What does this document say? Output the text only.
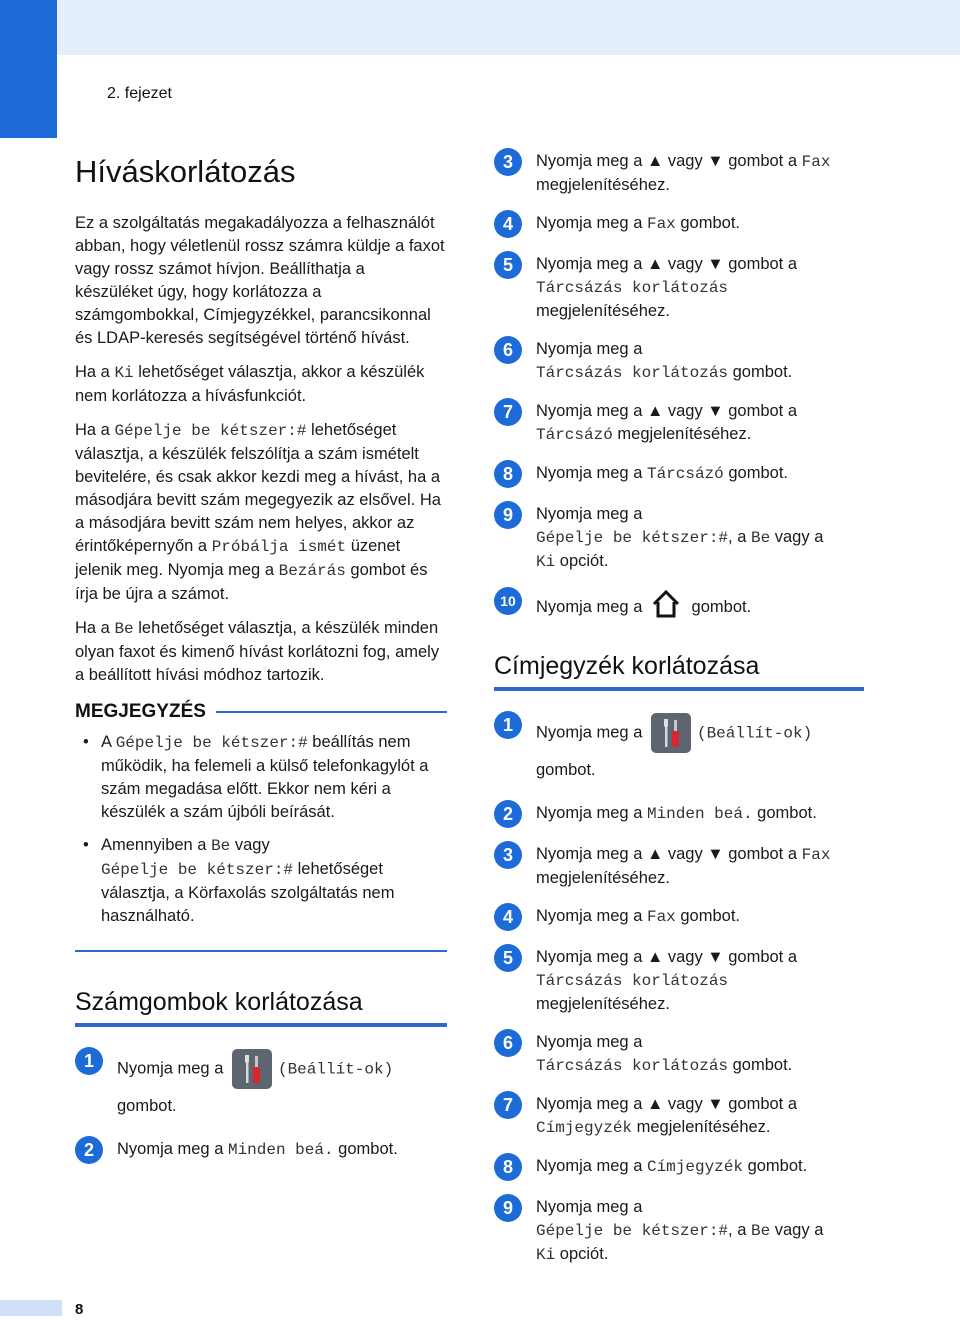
2. fejezet
Híváskorlátozás

Ez a szolgáltatás megakadályozza a felhasználót abban, hogy véletlenül rossz számra küldje a faxot vagy rossz számot hívjon. Beállíthatja a készüléket úgy, hogy korlátozza a számgombokkal, Címjegyzékkel, parancsikonnal és LDAP-keresés segítségével történő hívást.

Ha a Ki lehetőséget választja, akkor a készülék nem korlátozza a hívásfunkciót.

Ha a Gépelje be kétszer:# lehetőséget választja, a készülék felszólítja a szám ismételt bevitelére, és csak akkor kezdi meg a hívást, ha a másodjára bevitt szám megegyezik az elsővel. Ha a másodjára bevitt szám nem helyes, akkor az érintőképernyőn a Próbálja ismét üzenet jelenik meg. Nyomja meg a Bezárás gombot és írja be újra a számot.

Ha a Be lehetőséget választja, a készülék minden olyan faxot és kimenő hívást korlátozni fog, amely a beállított hívási módhoz tartozik.

MEGJEGYZÉS
• A Gépelje be kétszer:# beállítás nem működik, ha felemeli a külső telefonkagylót a szám megadása előtt. Ekkor nem kéri a készülék a szám újbóli beírását.
• Amennyiben a Be vagy
Gépelje be kétszer:# lehetőséget választja, a Körfaxolás szolgáltatás nem használható.
Számgombok korlátozása
1	Nyomja meg a	(Beállít-ok)
gombot.
2	Nyomja meg a Minden beá. gombot.
3	Nyomja meg a ▲ vagy ▼ gombot a Fax megjelenítéséhez.
4	Nyomja meg a Fax gombot.
5	Nyomja meg a ▲ vagy ▼ gombot a
Tárcsázás korlátozás megjelenítéséhez.
6	Nyomja meg a
Tárcsázás korlátozás gombot.
7	Nyomja meg a ▲ vagy ▼ gombot a
Tárcsázó megjelenítéséhez.
8	Nyomja meg a Tárcsázó gombot.
9	Nyomja meg a
Gépelje be kétszer:#, a Be vagy a
Ki opciót.
10	Nyomja meg a  gombot.
Címjegyzék korlátozása
1	Nyomja meg a	(Beállít-ok)
gombot.
2	Nyomja meg a Minden beá. gombot.
3	Nyomja meg a ▲ vagy ▼ gombot a Fax megjelenítéséhez.
4	Nyomja meg a Fax gombot.
5	Nyomja meg a ▲ vagy ▼ gombot a
Tárcsázás korlátozás megjelenítéséhez.
6	Nyomja meg a
Tárcsázás korlátozás gombot.
7	Nyomja meg a ▲ vagy ▼ gombot a
Címjegyzék megjelenítéséhez.
8	Nyomja meg a Címjegyzék gombot.
9	Nyomja meg a
Gépelje be kétszer:#, a Be vagy a
Ki opciót.
8
